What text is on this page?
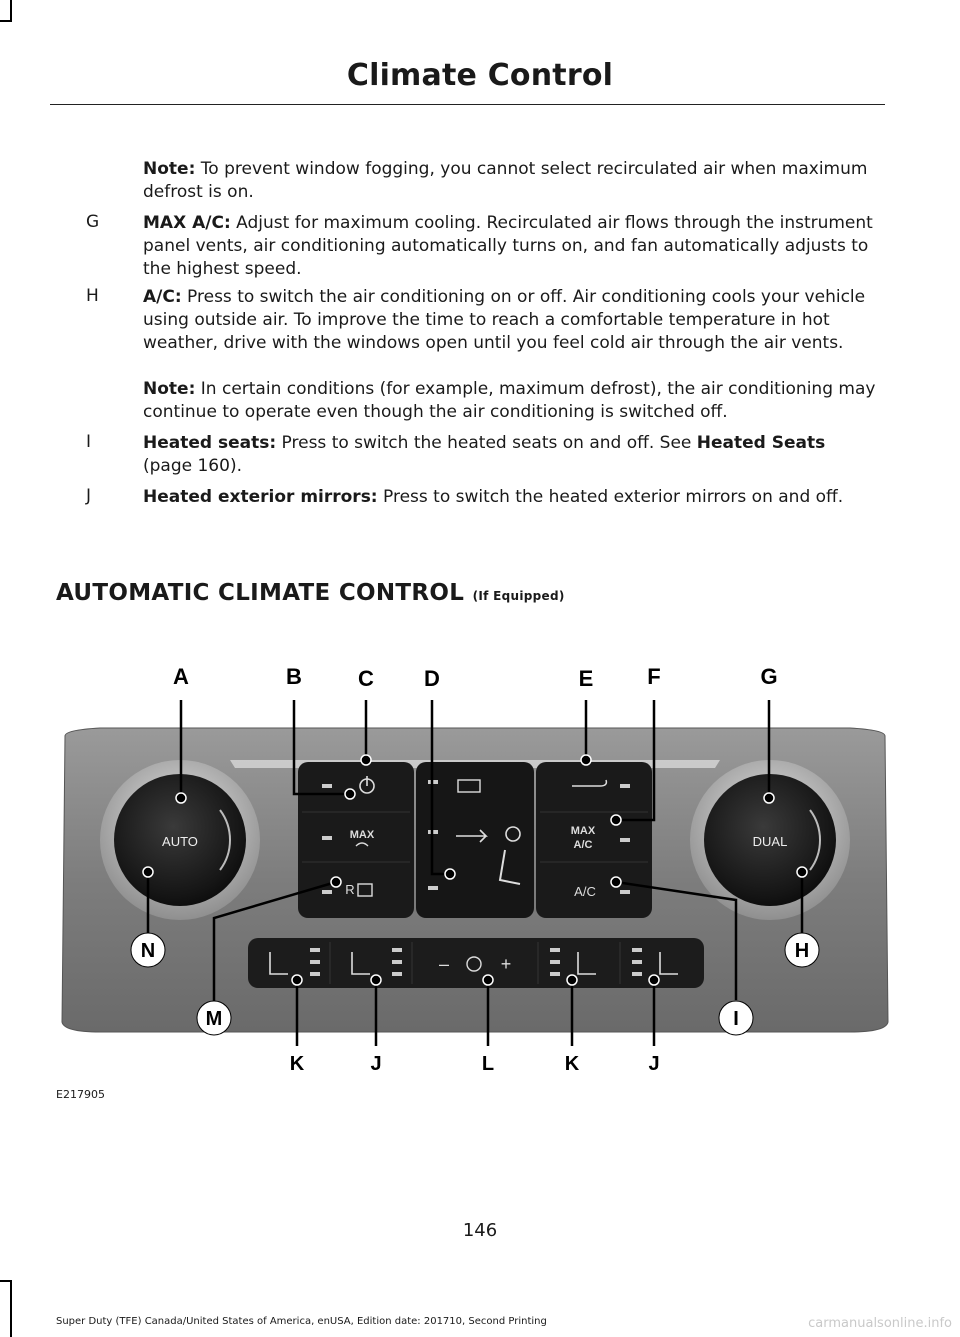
Climate Control
Note: To prevent window fogging, you cannot select recirculated air when maximum defrost is on.
G	MAX A/C: Adjust for maximum cooling. Recirculated air flows through the instrument panel vents, air conditioning automatically turns on, and fan automatically adjusts to the highest speed.
H	A/C: Press to switch the air conditioning on or off. Air conditioning cools your vehicle using outside air. To improve the time to reach a comfortable temperature in hot weather, drive with the windows open until you feel cold air through the air vents.
Note: In certain conditions (for example, maximum defrost), the air conditioning may continue to operate even though the air conditioning is switched off.
I	Heated seats: Press to switch the heated seats on and off. See Heated Seats (page 160).
J	Heated exterior mirrors: Press to switch the heated exterior mirrors on and off.
AUTOMATIC CLIMATE CONTROL (If Equipped)
AUTO	DUAL
MAX
R
MAX
A/C
A/C
–	+
A	B	C D	E F	G
H
I
N
M
K	J	L	K	J
E217905
146
Super Duty (TFE) Canada/United States of America, enUSA, Edition date: 201710, Second Printing	carmanualsonline.info
